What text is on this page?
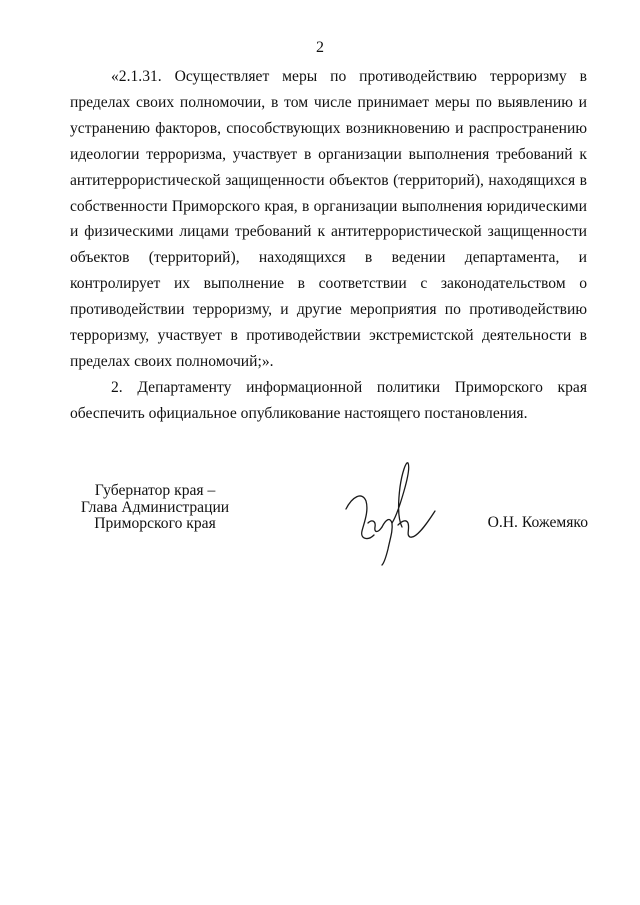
2

«2.1.31. Осуществляет меры по противодействию терроризму в пределах своих полномочии, в том числе принимает меры по выявлению и устранению факторов, способствующих возникновению и распространению идеологии терроризма, участвует в организации выполнения требований к антитеррористической защищенности объектов (территорий), находящихся в собственности Приморского края, в организации выполнения юридическими и физическими лицами требований к антитеррористической защищенности объектов (территорий), находящихся в ведении департамента, и контролирует их выполнение в соответствии с законодательством о противодействии терроризму, и другие мероприятия по противодействию терроризму, участвует в противодействии экстремистской деятельности в пределах своих полномочий;».

2. Департаменту информационной политики Приморского края обеспечить официальное опубликование настоящего постановления.

Губернатор края –
Глава Администрации
Приморского края	О.Н. Кожемяко
